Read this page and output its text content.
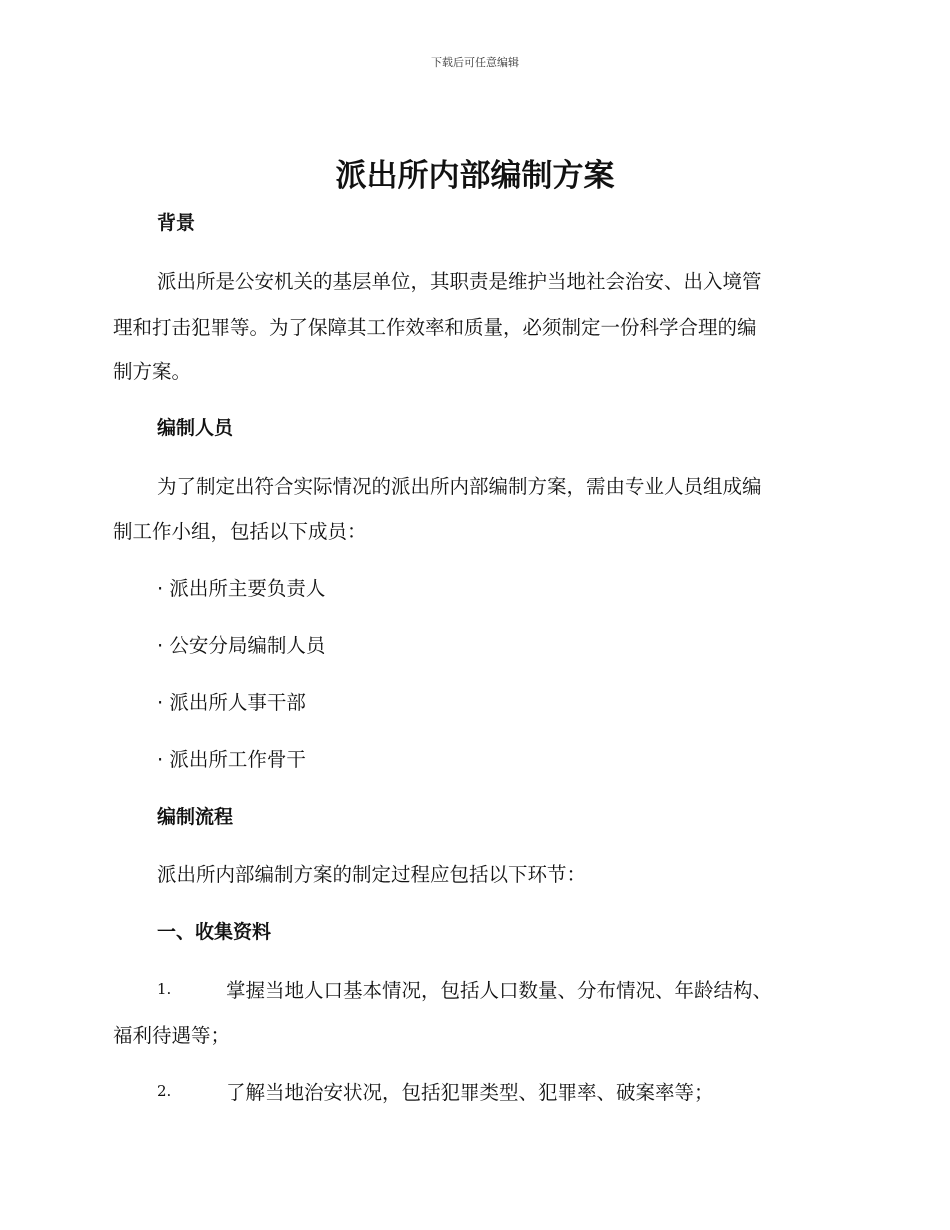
下载后可任意编辑
派出所内部编制方案
背景
派出所是公安机关的基层单位，其职责是维护当地社会治安、出入境管
理和打击犯罪等。为了保障其工作效率和质量，必须制定一份科学合理的编
制方案。
编制人员
为了制定出符合实际情况的派出所内部编制方案，需由专业人员组成编
制工作小组，包括以下成员：
· 派出所主要负责人
· 公安分局编制人员
· 派出所人事干部
· 派出所工作骨干
编制流程
派出所内部编制方案的制定过程应包括以下环节：
一、收集资料
1.	掌握当地人口基本情况，包括人口数量、分布情况、年龄结构、
福利待遇等；
2.	了解当地治安状况，包括犯罪类型、犯罪率、破案率等；
